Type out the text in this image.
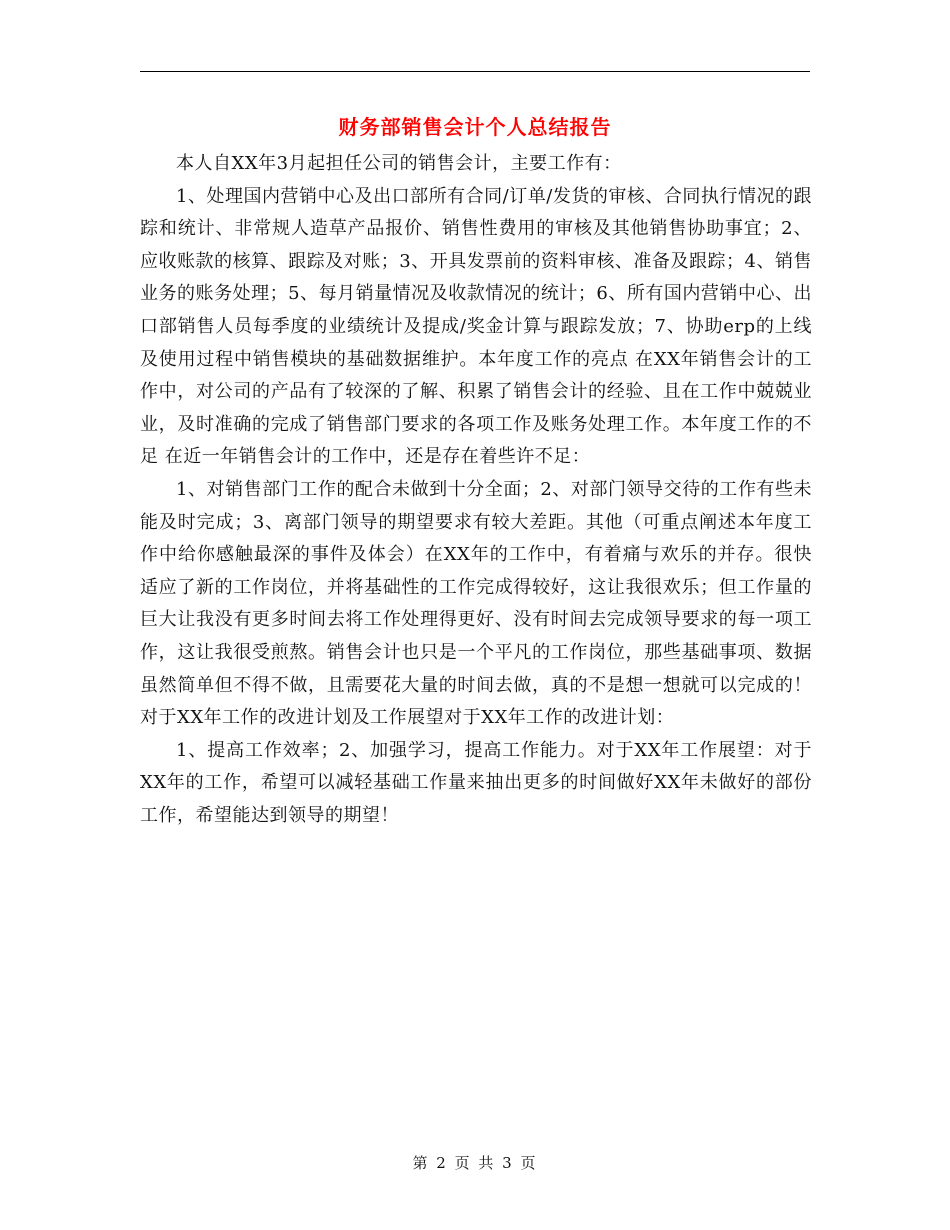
财务部销售会计个人总结报告

本人自XX年3月起担任公司的销售会计，主要工作有：

1、处理国内营销中心及出口部所有合同/订单/发货的审核、合同执行情况的跟踪和统计、非常规人造草产品报价、销售性费用的审核及其他销售协助事宜；2、应收账款的核算、跟踪及对账；3、开具发票前的资料审核、准备及跟踪；4、销售业务的账务处理；5、每月销量情况及收款情况的统计；6、所有国内营销中心、出口部销售人员每季度的业绩统计及提成/奖金计算与跟踪发放；7、协助erp的上线及使用过程中销售模块的基础数据维护。本年度工作的亮点 在XX年销售会计的工作中，对公司的产品有了较深的了解、积累了销售会计的经验、且在工作中兢兢业业，及时准确的完成了销售部门要求的各项工作及账务处理工作。本年度工作的不足 在近一年销售会计的工作中，还是存在着些许不足：

1、对销售部门工作的配合未做到十分全面；2、对部门领导交待的工作有些未能及时完成；3、离部门领导的期望要求有较大差距。其他（可重点阐述本年度工作中给你感触最深的事件及体会）在XX年的工作中，有着痛与欢乐的并存。很快适应了新的工作岗位，并将基础性的工作完成得较好，这让我很欢乐；但工作量的巨大让我没有更多时间去将工作处理得更好、没有时间去完成领导要求的每一项工作，这让我很受煎熬。销售会计也只是一个平凡的工作岗位，那些基础事项、数据虽然简单但不得不做，且需要花大量的时间去做，真的不是想一想就可以完成的！对于XX年工作的改进计划及工作展望对于XX年工作的改进计划：

1、提高工作效率；2、加强学习，提高工作能力。对于XX年工作展望：对于XX年的工作，希望可以减轻基础工作量来抽出更多的时间做好XX年未做好的部份工作，希望能达到领导的期望！

第 2 页 共 3 页
